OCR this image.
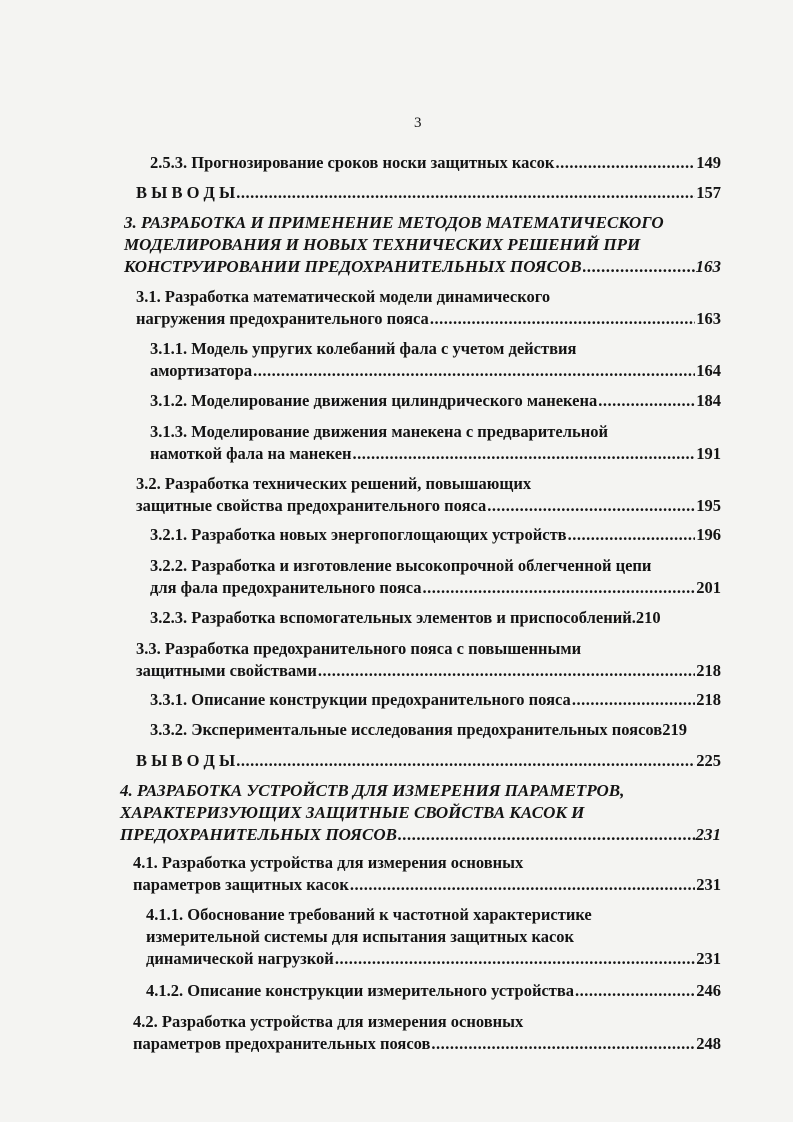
3
2.5.3. Прогнозирование сроков носки защитных касок .....	149
В Ы В О Д Ы .....	157
3. РАЗРАБОТКА И ПРИМЕНЕНИЕ МЕТОДОВ МАТЕМАТИЧЕСКОГО
МОДЕЛИРОВАНИЯ И НОВЫХ ТЕХНИЧЕСКИХ РЕШЕНИЙ ПРИ
КОНСТРУИРОВАНИИ ПРЕДОХРАНИТЕЛЬНЫХ ПОЯСОВ .....	163
3.1. Разработка математической модели динамического
нагружения предохранительного пояса .....	163
3.1.1. Модель упругих колебаний фала с учетом действия
амортизатора .....	164
3.1.2. Моделирование движения цилиндрического манекена .....	184
3.1.3. Моделирование движения манекена с предварительной
намоткой фала на манекен .....	191
3.2. Разработка технических решений, повышающих
защитные свойства предохранительного пояса .....	195
3.2.1. Разработка новых энергопоглощающих устройств .....	196
3.2.2. Разработка и изготовление высокопрочной облегченной цепи
для фала предохранительного пояса .....	201
3.2.3. Разработка вспомогательных элементов и приспособлений. 210
3.3. Разработка предохранительного пояса с повышенными
защитными свойствами .....	218
3.3.1. Описание конструкции предохранительного пояса .....	218
3.3.2. Экспериментальные исследования предохранительных поясов 219
В Ы В О Д Ы .....	225
4. РАЗРАБОТКА УСТРОЙСТВ ДЛЯ ИЗМЕРЕНИЯ ПАРАМЕТРОВ,
ХАРАКТЕРИЗУЮЩИХ ЗАЩИТНЫЕ СВОЙСТВА КАСОК И
ПРЕДОХРАНИТЕЛЬНЫХ ПОЯСОВ .....	231
4.1. Разработка устройства для измерения основных
параметров защитных касок .....	231
4.1.1. Обоснование требований к частотной характеристике
измерительной системы для испытания защитных касок
динамической нагрузкой .....	231
4.1.2. Описание конструкции измерительного устройства .....	246
4.2. Разработка устройства для измерения основных
параметров предохранительных поясов .....	248
